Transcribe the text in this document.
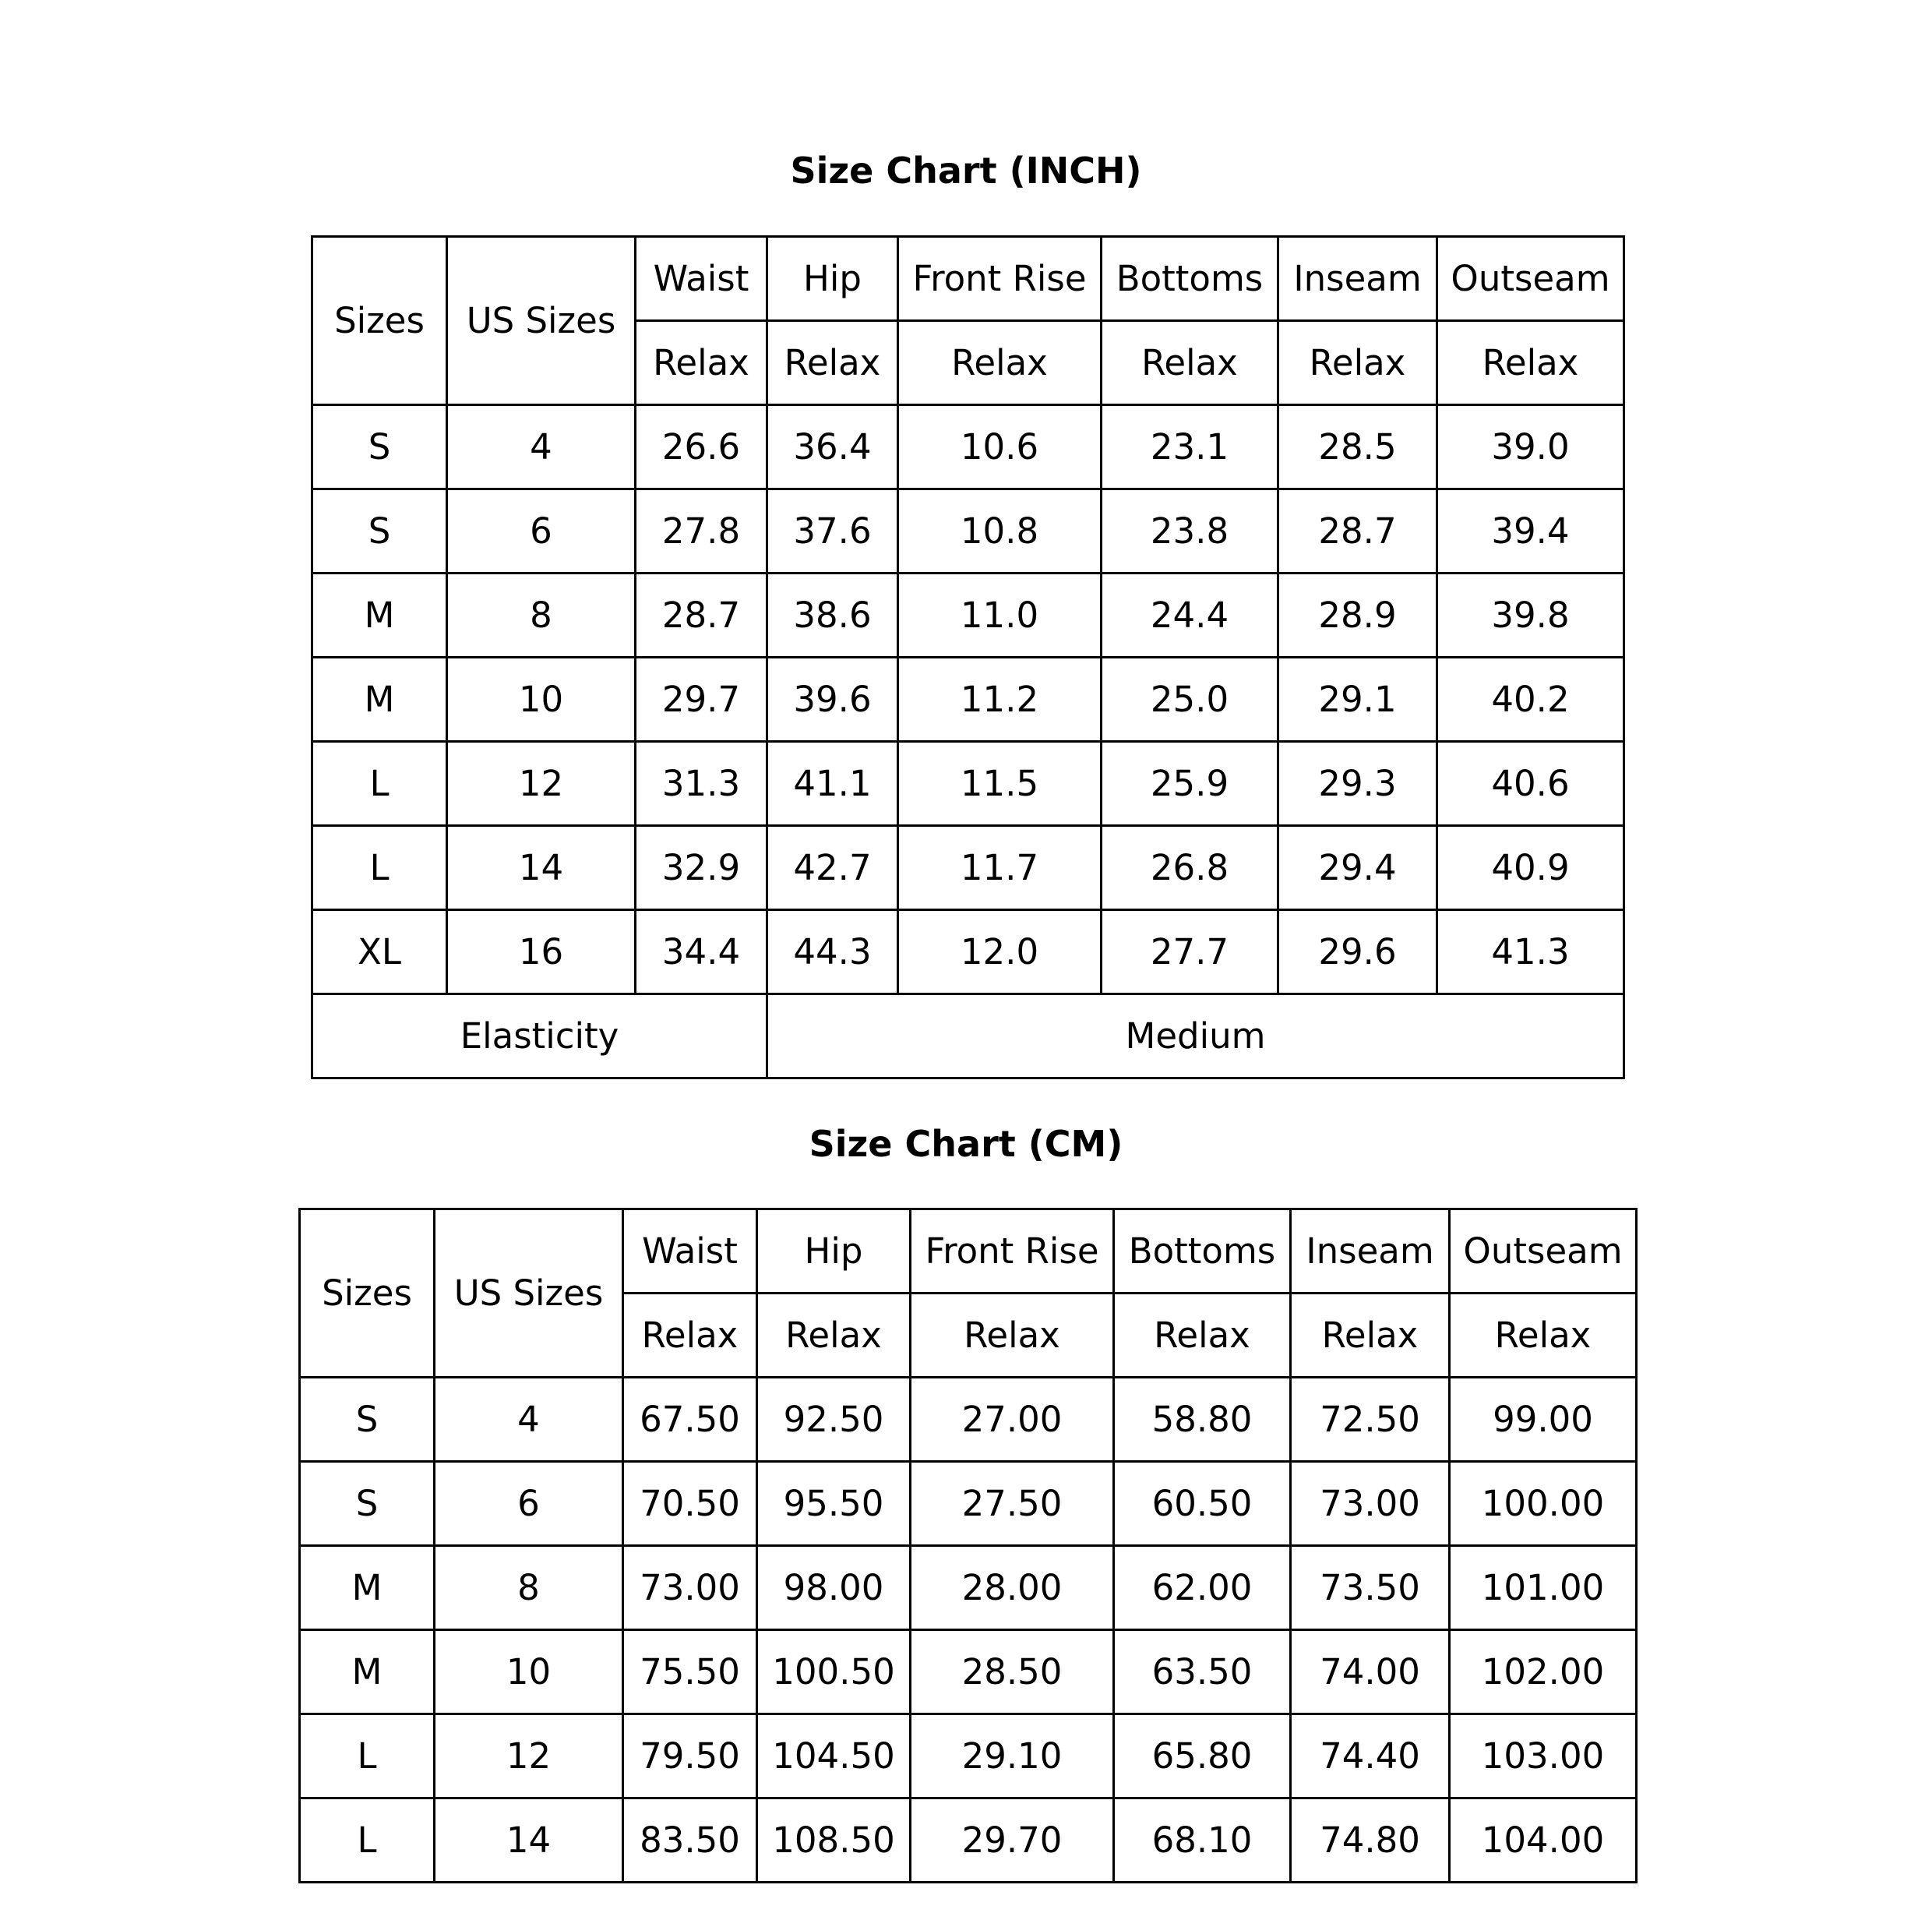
Size Chart (INCH)
Sizes	US Sizes	Waist	Hip	Front Rise	Bottoms	Inseam	Outseam
		Relax	Relax	Relax	Relax	Relax	Relax
S	4	26.6	36.4	10.6	23.1	28.5	39.0
S	6	27.8	37.6	10.8	23.8	28.7	39.4
M	8	28.7	38.6	11.0	24.4	28.9	39.8
M	10	29.7	39.6	11.2	25.0	29.1	40.2
L	12	31.3	41.1	11.5	25.9	29.3	40.6
L	14	32.9	42.7	11.7	26.8	29.4	40.9
XL	16	34.4	44.3	12.0	27.7	29.6	41.3
Elasticity			Medium				
Size Chart (CM)
Sizes	US Sizes	Waist	Hip	Front Rise	Bottoms	Inseam	Outseam
		Relax	Relax	Relax	Relax	Relax	Relax
S	4	67.50	92.50	27.00	58.80	72.50	99.00
S	6	70.50	95.50	27.50	60.50	73.00	100.00
M	8	73.00	98.00	28.00	62.00	73.50	101.00
M	10	75.50	100.50	28.50	63.50	74.00	102.00
L	12	79.50	104.50	29.10	65.80	74.40	103.00
L	14	83.50	108.50	29.70	68.10	74.80	104.00
